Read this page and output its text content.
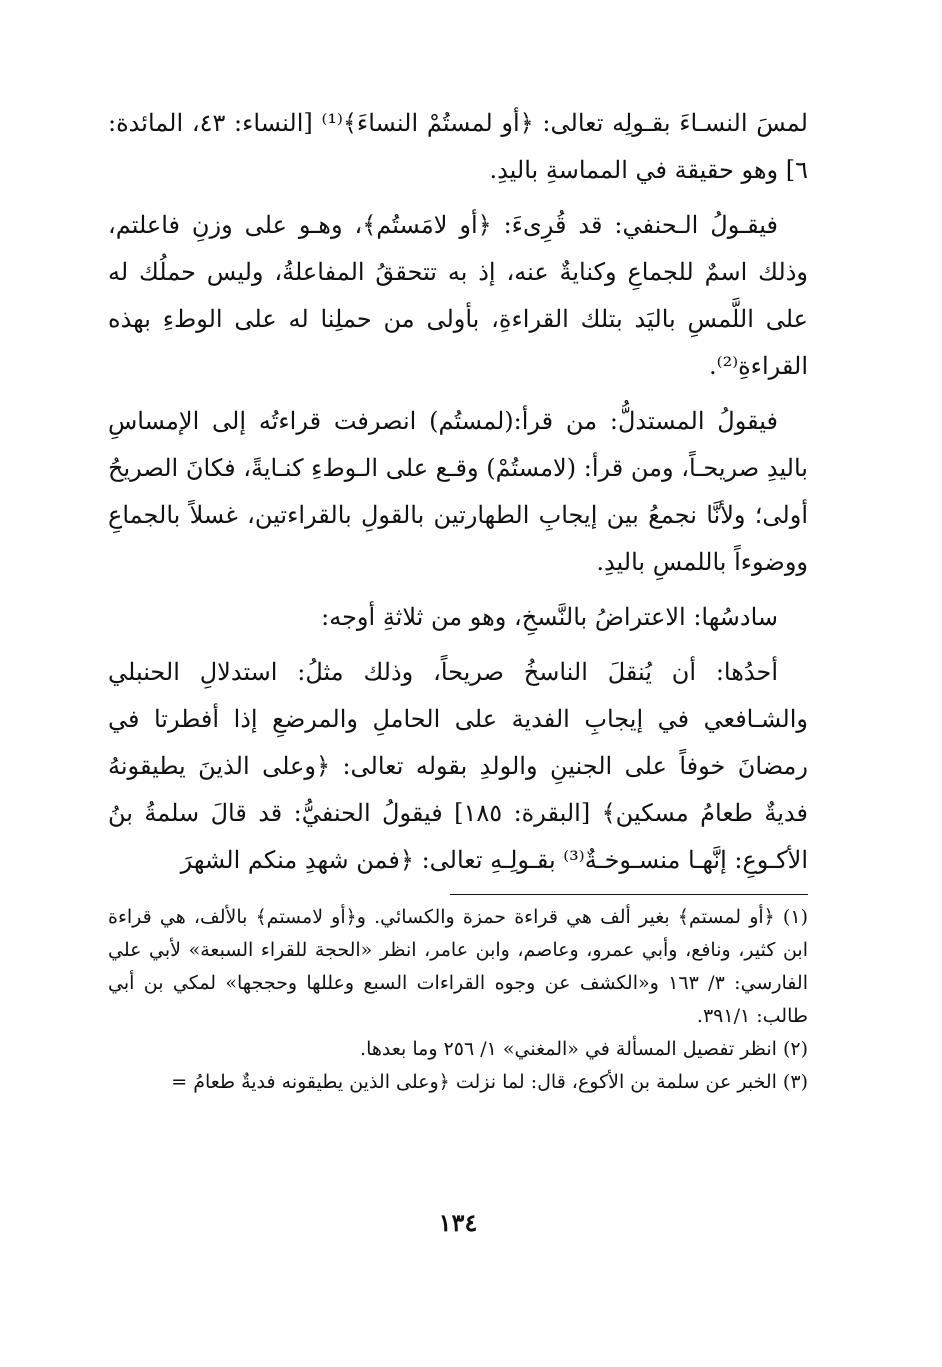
لمسَ النسـاءَ بقـولِه تعالى: ﴿أو لمستُمْ النساءَ﴾⁽¹⁾ [النساء: ٤٣، المائدة: ٦] وهو حقيقة في المماسةِ باليدِ.

فيقـولُ الـحنفي: قد قُرِىءَ: ﴿أو لامَستُم﴾، وهـو على وزنِ فاعلتم، وذلك اسمٌ للجماعِ وكنايةٌ عنه، إذ به تتحققُ المفاعلةُ، وليس حملُك له على اللَّمسِ باليَد بتلك القراءةِ، بأولى من حملِنا له على الوطءِ بهذه القراءةِ⁽²⁾.

فيقولُ المستدلُّ: من قرأ:(لمستُم) انصرفت قراءتُه إلى الإمساسِ باليدِ صريحـاً، ومن قرأ: (لامستُمْ) وقـع على الـوطءِ كنـايةً، فكانَ الصريحُ أولى؛ ولأنَّا نجمعُ بين إيجابِ الطهارتين بالقولِ بالقراءتين، غسلاً بالجماعِ ووضوءاً باللمسِ باليدِ.

سادسُها: الاعتراضُ بالنَّسخِ، وهو من ثلاثةِ أوجه:

أحدُها: أن يُنقلَ الناسخُ صريحاً، وذلك مثلُ: استدلالِ الحنبلي والشـافعي في إيجابِ الفدية على الحاملِ والمرضعِ إذا أفطرتا في رمضانَ خوفاً على الجنينِ والولدِ بقوله تعالى: ﴿وعلى الذينَ يطيقونهُ فديةٌ طعامُ مسكين﴾ [البقرة: ١٨٥] فيقولُ الحنفيُّ: قد قالَ سلمةُ بنُ الأكـوعِ: إنَّهـا منسـوخـةٌ⁽³⁾ بقـولِـهِ تعالى: ﴿فمن شهدِ منكم الشهرَ

(١) ﴿أو لمستم﴾ بغير ألف هي قراءة حمزة والكسائي. و﴿أو لامستم﴾ بالألف، هي قراءة ابن كثير، ونافع، وأبي عمرو، وعاصم، وابن عامر، انظر «الحجة للقراء السبعة» لأبي علي الفارسي: ٣/ ١٦٣ و«الكشف عن وجوه القراءات السبع وعللها وحججها» لمكي بن أبي طالب: ٣٩١/١.

(٢) انظر تفصيل المسألة في «المغني» ١/ ٢٥٦ وما بعدها.

(٣) الخبر عن سلمة بن الأكوع، قال: لما نزلت ﴿وعلى الذين يطيقونه فديةٌ طعامُ =

١٣٤
